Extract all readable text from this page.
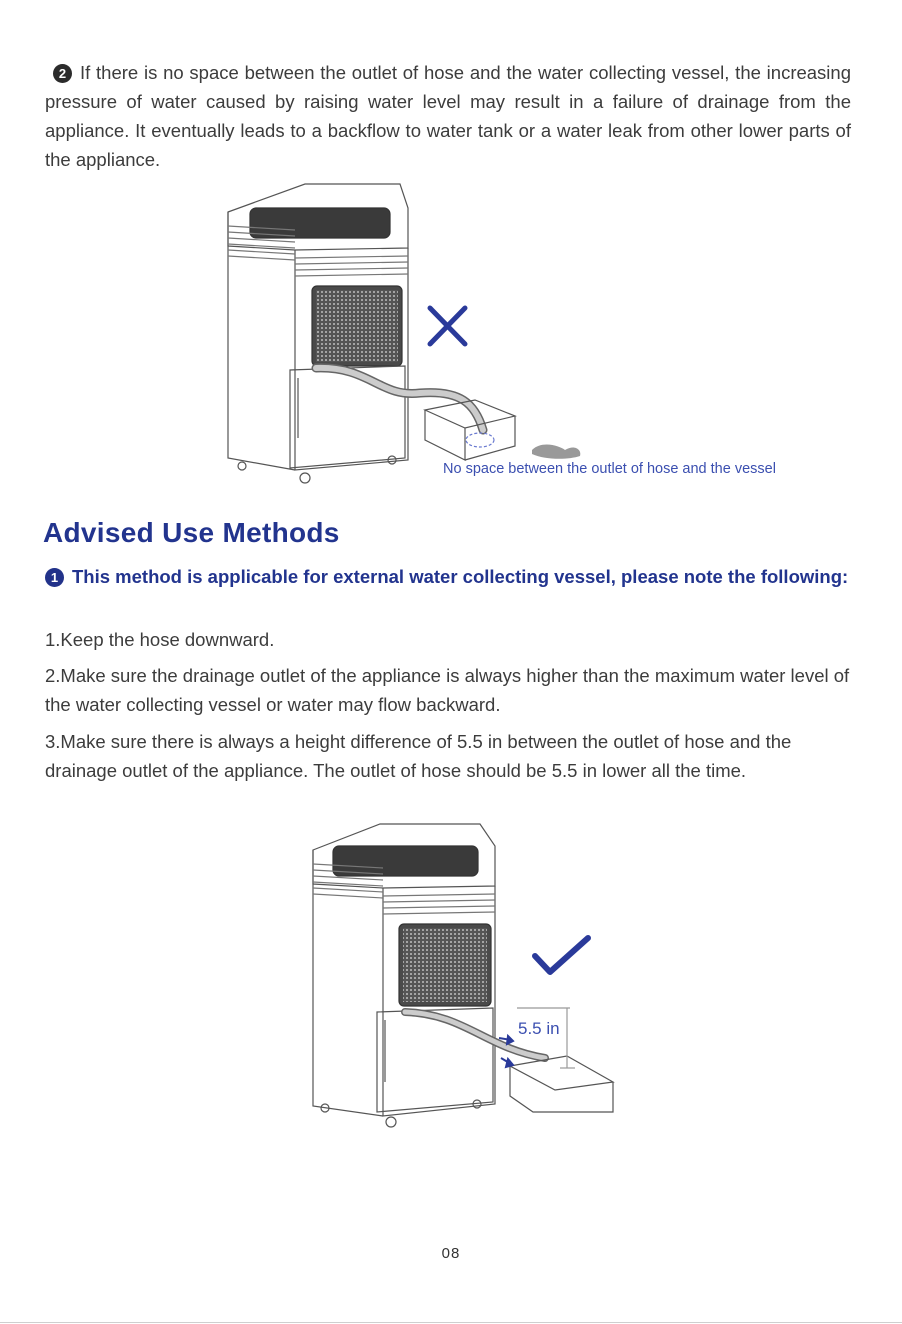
2 If there is no space between the outlet of hose and the water collecting vessel, the increasing pressure of water caused by raising water level may result in a failure of drainage from the appliance. It eventually leads to a backflow to water tank or a water leak from other lower parts of the appliance.
No space between the outlet of hose and the vessel
Advised Use Methods
1 This method is applicable for external water collecting vessel, please note the following:
1.Keep the hose downward.
2.Make sure the drainage outlet of the appliance is always higher than the maximum water level of the water collecting vessel or water may flow backward.
3.Make sure there is always a height difference of 5.5 in between the outlet of hose and the drainage outlet of the appliance. The outlet of hose should be 5.5 in lower all the time.
5.5 in
08
